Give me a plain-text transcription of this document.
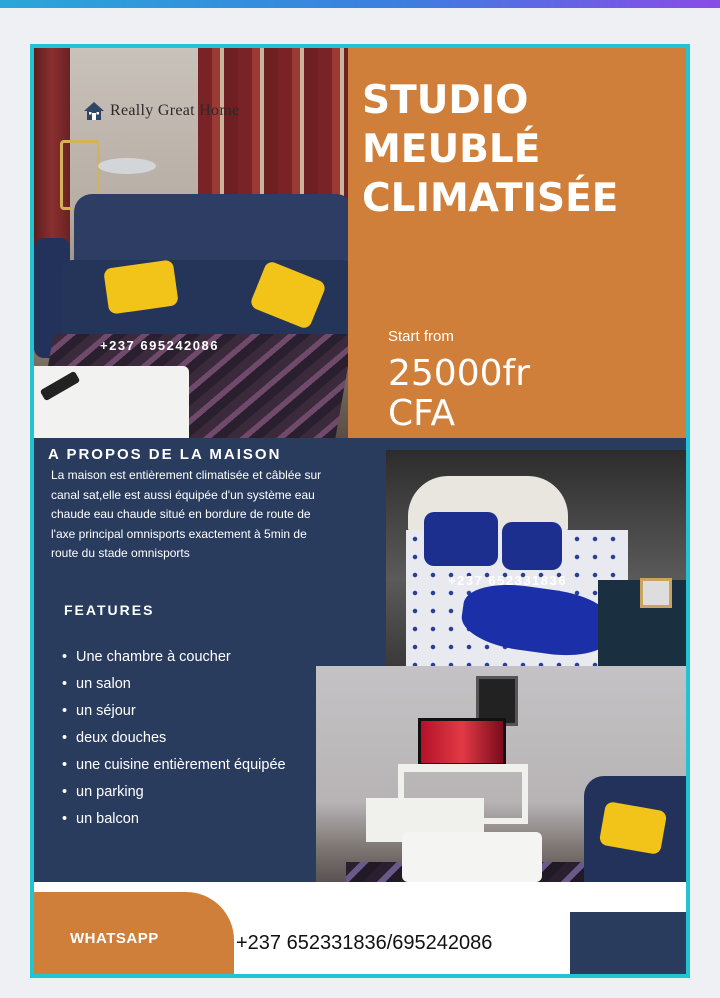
Really Great Home
+237 695242086
STUDIO
MEUBLÉ
CLIMATISÉE
Start from
25000fr
CFA
A PROPOS DE LA MAISON

La maison est entièrement climatisée et câblée sur canal sat,elle est aussi équipée d'un système eau chaude eau chaude situé en bordure de route de l'axe principal omnisports exactement à 5min de route du stade omnisports

FEATURES
• Une chambre à coucher
• un salon
• un séjour
• deux douches
• une cuisine entièrement équipée
• un parking
• un balcon
+237 652331836
WHATSAPP	+237 652331836/695242086
